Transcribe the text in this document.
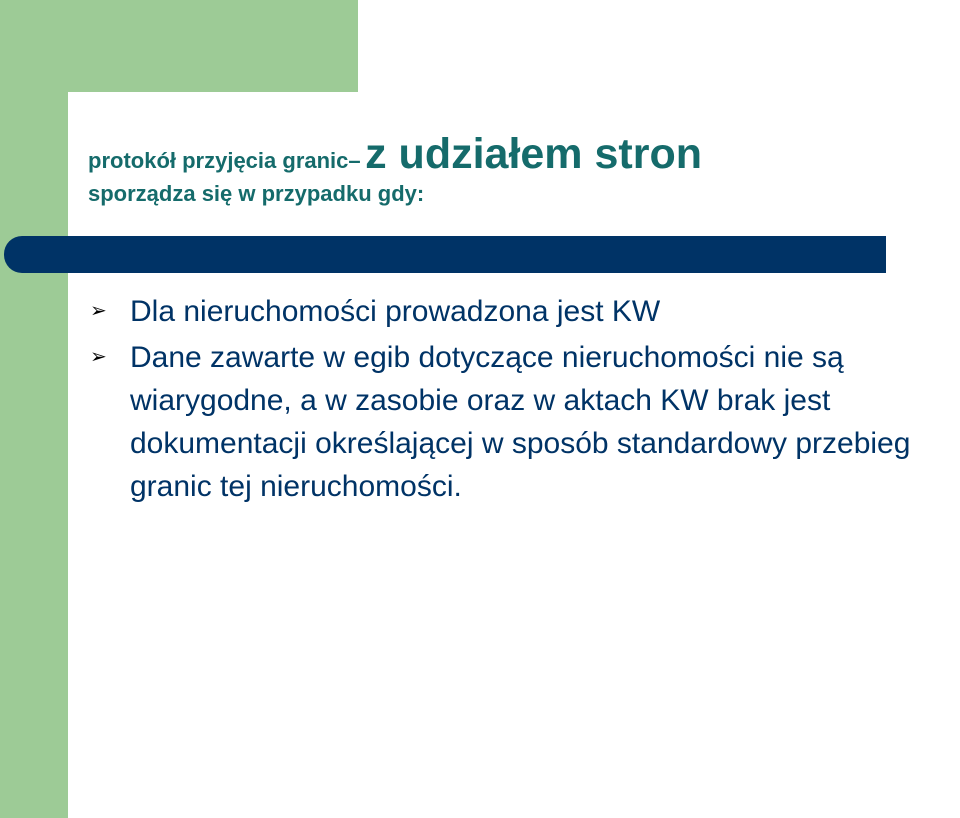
protokół przyjęcia granic– z udziałem stron
sporządza się w przypadku gdy:
➢ Dla nieruchomości prowadzona jest KW
➢ Dane zawarte w egib dotyczące nieruchomości nie są wiarygodne, a w zasobie oraz w aktach KW brak jest dokumentacji określającej w sposób standardowy przebieg granic tej nieruchomości.
